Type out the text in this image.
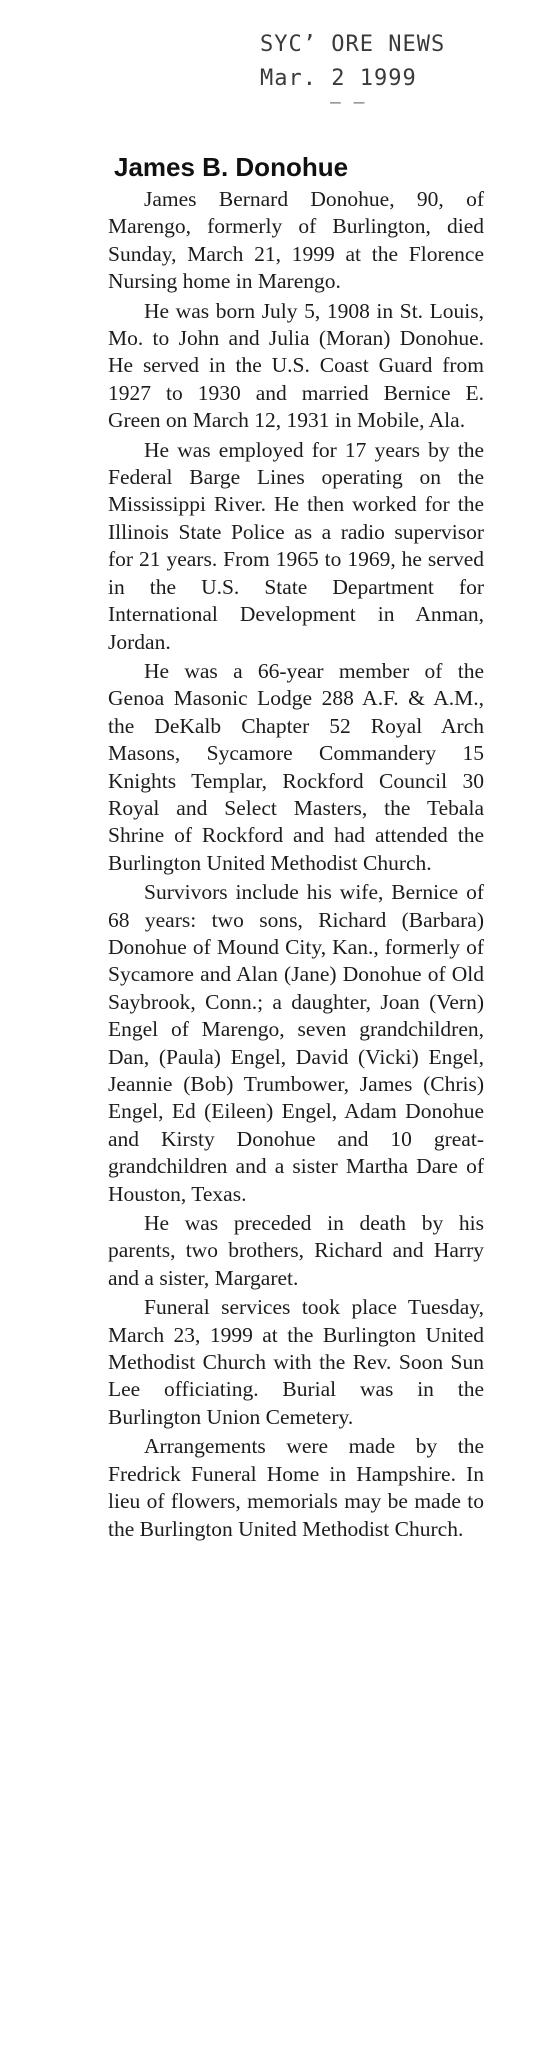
SYC’ ORE NEWS
Mar. 2 1999
— –
James B. Donohue

James Bernard Donohue, 90, of Marengo, formerly of Burlington, died Sunday, March 21, 1999 at the Florence Nursing home in Marengo.

He was born July 5, 1908 in St. Louis, Mo. to John and Julia (Moran) Donohue. He served in the U.S. Coast Guard from 1927 to 1930 and married Bernice E. Green on March 12, 1931 in Mobile, Ala.

He was employed for 17 years by the Federal Barge Lines operating on the Mississippi River. He then worked for the Illinois State Police as a radio supervisor for 21 years. From 1965 to 1969, he served in the U.S. State Department for International Development in Anman, Jordan.

He was a 66-year member of the Genoa Masonic Lodge 288 A.F. & A.M., the DeKalb Chapter 52 Royal Arch Masons, Sycamore Commandery 15 Knights Templar, Rockford Council 30 Royal and Select Masters, the Tebala Shrine of Rockford and had attended the Burlington United Methodist Church.

Survivors include his wife, Bernice of 68 years: two sons, Richard (Barbara) Donohue of Mound City, Kan., formerly of Sycamore and Alan (Jane) Donohue of Old Saybrook, Conn.; a daughter, Joan (Vern) Engel of Marengo, seven grandchildren, Dan, (Paula) Engel, David (Vicki) Engel, Jeannie (Bob) Trumbower, James (Chris) Engel, Ed (Eileen) Engel, Adam Donohue and Kirsty Donohue and 10 great-grandchildren and a sister Martha Dare of Houston, Texas.

He was preceded in death by his parents, two brothers, Richard and Harry and a sister, Margaret.

Funeral services took place Tuesday, March 23, 1999 at the Burlington United Methodist Church with the Rev. Soon Sun Lee officiating. Burial was in the Burlington Union Cemetery.

Arrangements were made by the Fredrick Funeral Home in Hampshire. In lieu of flowers, memorials may be made to the Burlington United Methodist Church.
